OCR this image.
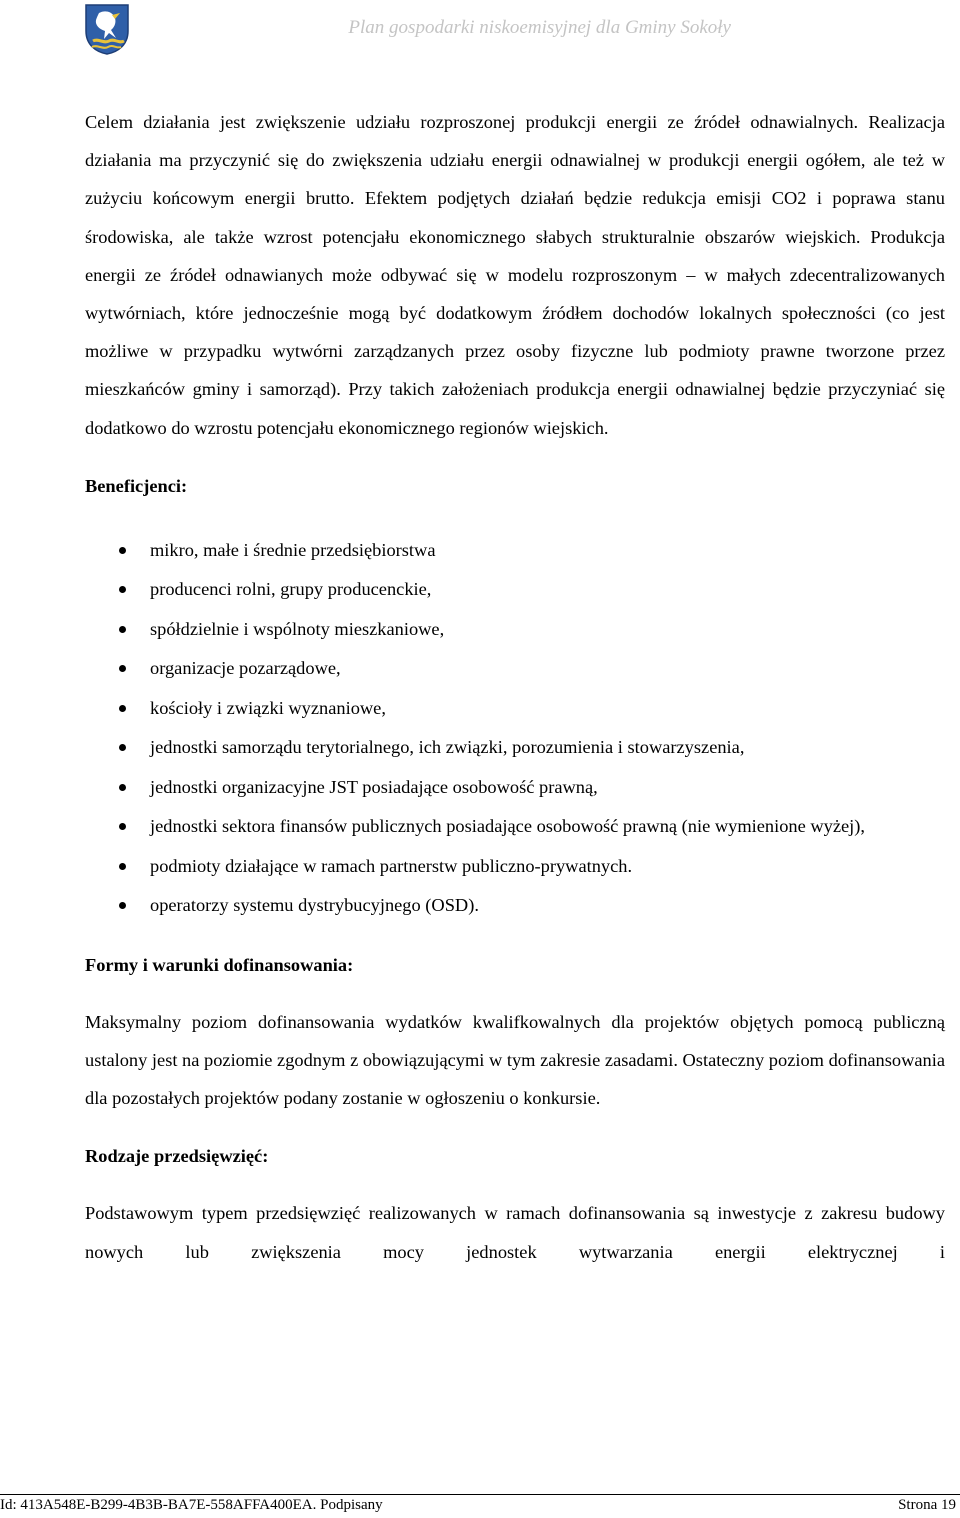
Plan gospodarki niskoemisyjnej dla Gminy Sokoły

Celem działania jest zwiększenie udziału rozproszonej produkcji energii ze źródeł odnawialnych. Realizacja działania ma przyczynić się do zwiększenia udziału energii odnawialnej w produkcji energii ogółem, ale też w zużyciu końcowym energii brutto. Efektem podjętych działań będzie redukcja emisji CO2 i poprawa stanu środowiska, ale także wzrost potencjału ekonomicznego słabych strukturalnie obszarów wiejskich. Produkcja energii ze źródeł odnawianych może odbywać się w modelu rozproszonym – w małych zdecentralizowanych wytwórniach, które jednocześnie mogą być dodatkowym źródłem dochodów lokalnych społeczności (co jest możliwe w przypadku wytwórni zarządzanych przez osoby fizyczne lub podmioty prawne tworzone przez mieszkańców gminy i samorząd). Przy takich założeniach produkcja energii odnawialnej będzie przyczyniać się dodatkowo do wzrostu potencjału ekonomicznego regionów wiejskich.

Beneficjenci:

mikro, małe i średnie przedsiębiorstwa
producenci rolni, grupy producenckie,
spółdzielnie i wspólnoty mieszkaniowe,
organizacje pozarządowe,
kościoły i związki wyznaniowe,
jednostki samorządu terytorialnego, ich związki, porozumienia i stowarzyszenia,
jednostki organizacyjne JST posiadające osobowość prawną,
jednostki sektora finansów publicznych posiadające osobowość prawną (nie wymienione wyżej),
podmioty działające w ramach partnerstw publiczno-prywatnych.
operatorzy systemu dystrybucyjnego (OSD).

Formy i warunki dofinansowania:

Maksymalny poziom dofinansowania wydatków kwalifkowalnych dla projektów objętych pomocą publiczną ustalony jest na poziomie zgodnym z obowiązującymi w tym zakresie zasadami. Ostateczny poziom dofinansowania dla pozostałych projektów podany zostanie w ogłoszeniu o konkursie.

Rodzaje przedsięwzięć:

Podstawowym typem przedsięwzięć realizowanych w ramach dofinansowania są inwestycje z zakresu budowy nowych lub zwiększenia mocy jednostek wytwarzania energii elektrycznej i

Id: 413A548E-B299-4B3B-BA7E-558AFFA400EA. Podpisany	Strona 19
